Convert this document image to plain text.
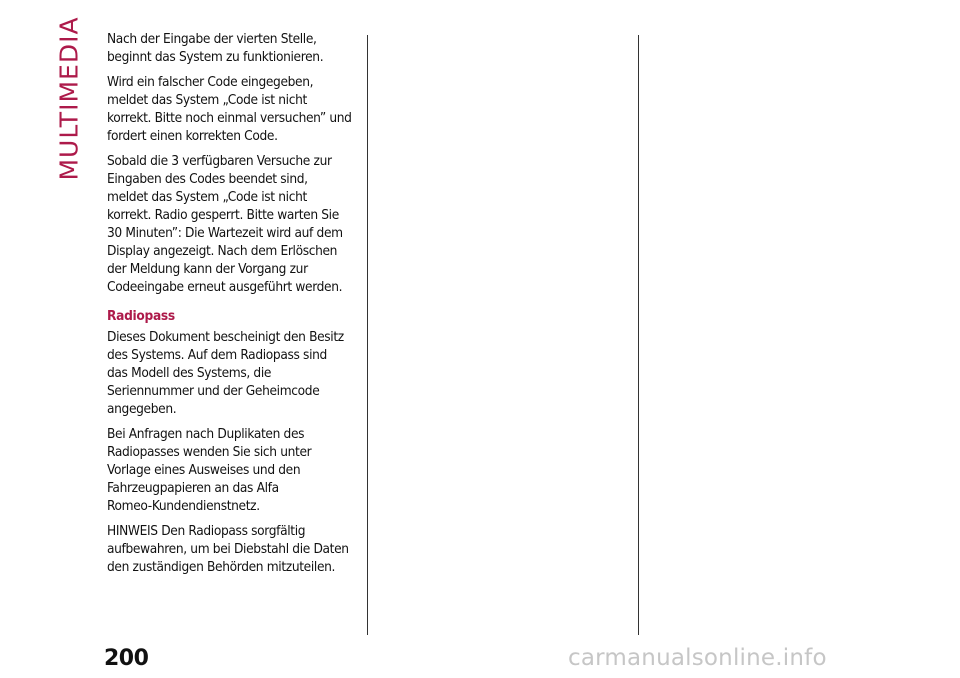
MULTIMEDIA Nach der Eingabe der vierten Stelle,
beginnt das System zu funktionieren.

Wird ein falscher Code eingegeben,
meldet das System „Code ist nicht
korrekt. Bitte noch einmal versuchen” und
fordert einen korrekten Code.

Sobald die 3 verfügbaren Versuche zur
Eingaben des Codes beendet sind,
meldet das System „Code ist nicht
korrekt. Radio gesperrt. Bitte warten Sie
30 Minuten”: Die Wartezeit wird auf dem
Display angezeigt. Nach dem Erlöschen
der Meldung kann der Vorgang zur
Codeeingabe erneut ausgeführt werden.

Radiopass

Dieses Dokument bescheinigt den Besitz
des Systems. Auf dem Radiopass sind
das Modell des Systems, die
Seriennummer und der Geheimcode
angegeben.

Bei Anfragen nach Duplikaten des
Radiopasses wenden Sie sich unter
Vorlage eines Ausweises und den
Fahrzeugpapieren an das Alfa
Romeo-Kundendienstnetz.

HINWEIS Den Radiopass sorgfältig
aufbewahren, um bei Diebstahl die Daten
den zuständigen Behörden mitzuteilen.

200	carmanualsonline.info
